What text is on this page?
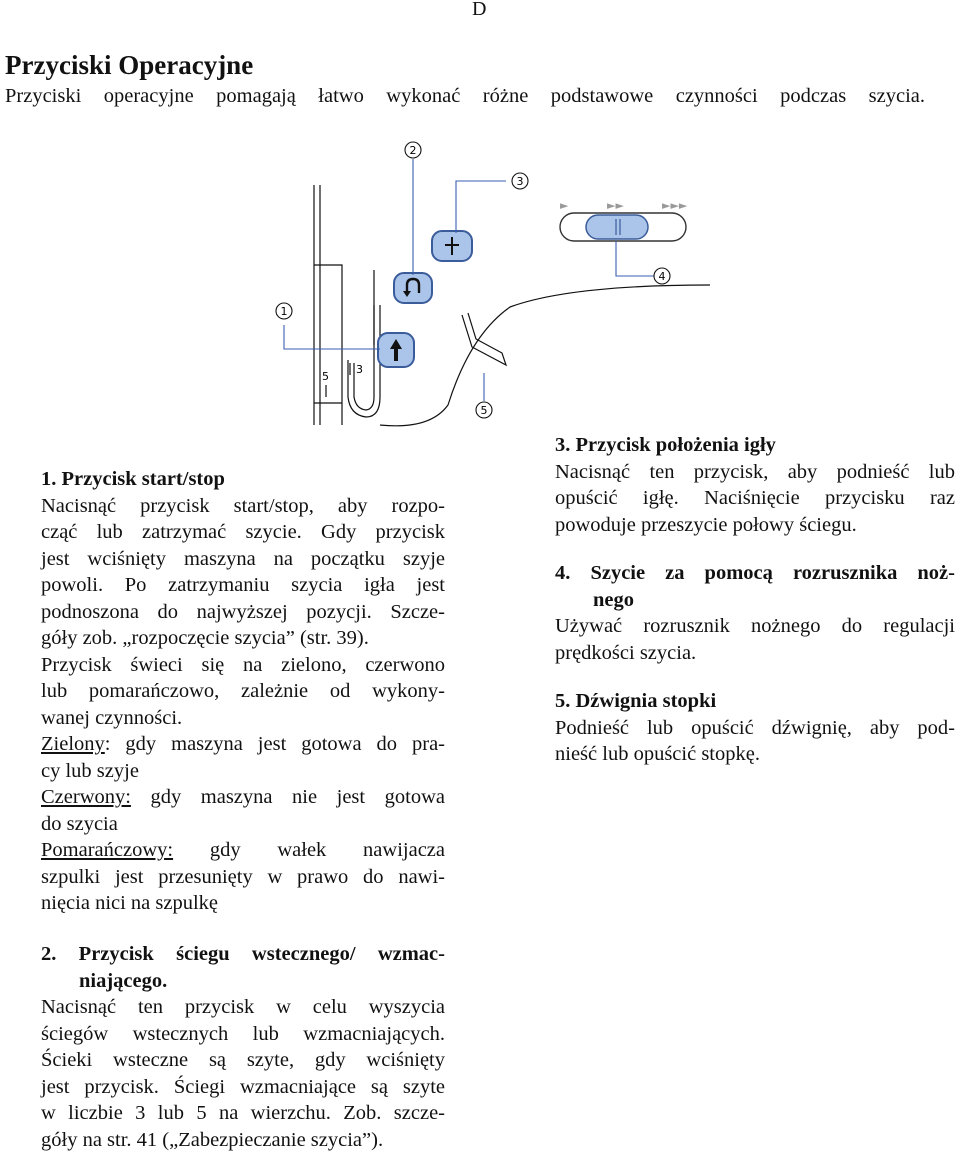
D
Przyciski Operacyjne

Przyciski operacyjne pomagają łatwo wykonać różne podstawowe czynności podczas szycia.

5
3
►	►►	►►►
1
2
3
4
5

1. Przycisk start/stop

Nacisnąć przycisk start/stop, aby rozpo-

cząć lub zatrzymać szycie. Gdy przycisk

jest wciśnięty maszyna na początku szyje

powoli. Po zatrzymaniu szycia igła jest

podnoszona do najwyższej pozycji. Szcze-

góły zob. „rozpoczęcie szycia” (str. 39).

Przycisk świeci się na zielono, czerwono

lub pomarańczowo, zależnie od wykony-

wanej czynności.

Zielony: gdy maszyna jest gotowa do pra-

cy lub szyje

Czerwony: gdy maszyna nie jest gotowa

do szycia

Pomarańczowy: gdy wałek nawijacza

szpulki jest przesunięty w prawo do nawi-

nięcia nici na szpulkę

2. Przycisk ściegu wstecznego/ wzmac-

niającego.

Nacisnąć ten przycisk w celu wyszycia

ściegów wstecznych lub wzmacniających.

Ścieki wsteczne są szyte, gdy wciśnięty

jest przycisk. Ściegi wzmacniające są szyte

w liczbie 3 lub 5 na wierzchu. Zob. szcze-

góły na str. 41 („Zabezpieczanie szycia”).

3. Przycisk położenia igły

Nacisnąć ten przycisk, aby podnieść lub

opuścić igłę. Naciśnięcie przycisku raz

powoduje przeszycie połowy ściegu.

4. Szycie za pomocą rozrusznika noż-

nego

Używać rozrusznik nożnego do regulacji

prędkości szycia.

5. Dźwignia stopki

Podnieść lub opuścić dźwignię, aby pod-

nieść lub opuścić stopkę.
